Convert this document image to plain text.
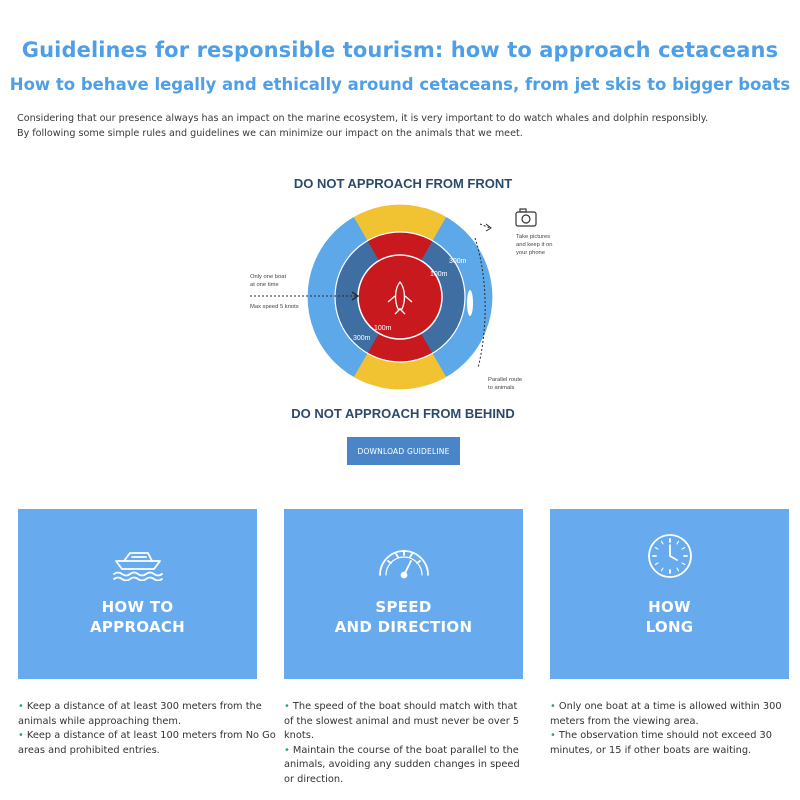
Guidelines for responsible tourism: how to approach cetaceans
How to behave legally and ethically around cetaceans, from jet skis to bigger boats
Considering that our presence always has an impact on the marine ecosystem, it is very important to do watch whales and dolphin responsibly.
By following some simple rules and guidelines we can minimize our impact on the animals that we meet.
DO NOT APPROACH FROM FRONT
100m
100m
300m
300m
Only one boat
at one time
Max speed 5 knots
Take pictures
and keep it on
your phone
Parallel route
to animals
DO NOT APPROACH FROM BEHIND
DOWNLOAD GUIDELINE
HOW TO
APPROACH
SPEED
AND DIRECTION
HOW
LONG

• Keep a distance of at least 300 meters from the animals while approaching them.

• Keep a distance of at least 100 meters from No Go areas and prohibited entries.

• The speed of the boat should match with that of the slowest animal and must never be over 5 knots.

• Maintain the course of the boat parallel to the animals, avoiding any sudden changes in speed or direction.

• Only one boat at a time is allowed within 300 meters from the viewing area.

• The observation time should not exceed 30 minutes, or 15 if other boats are waiting.
